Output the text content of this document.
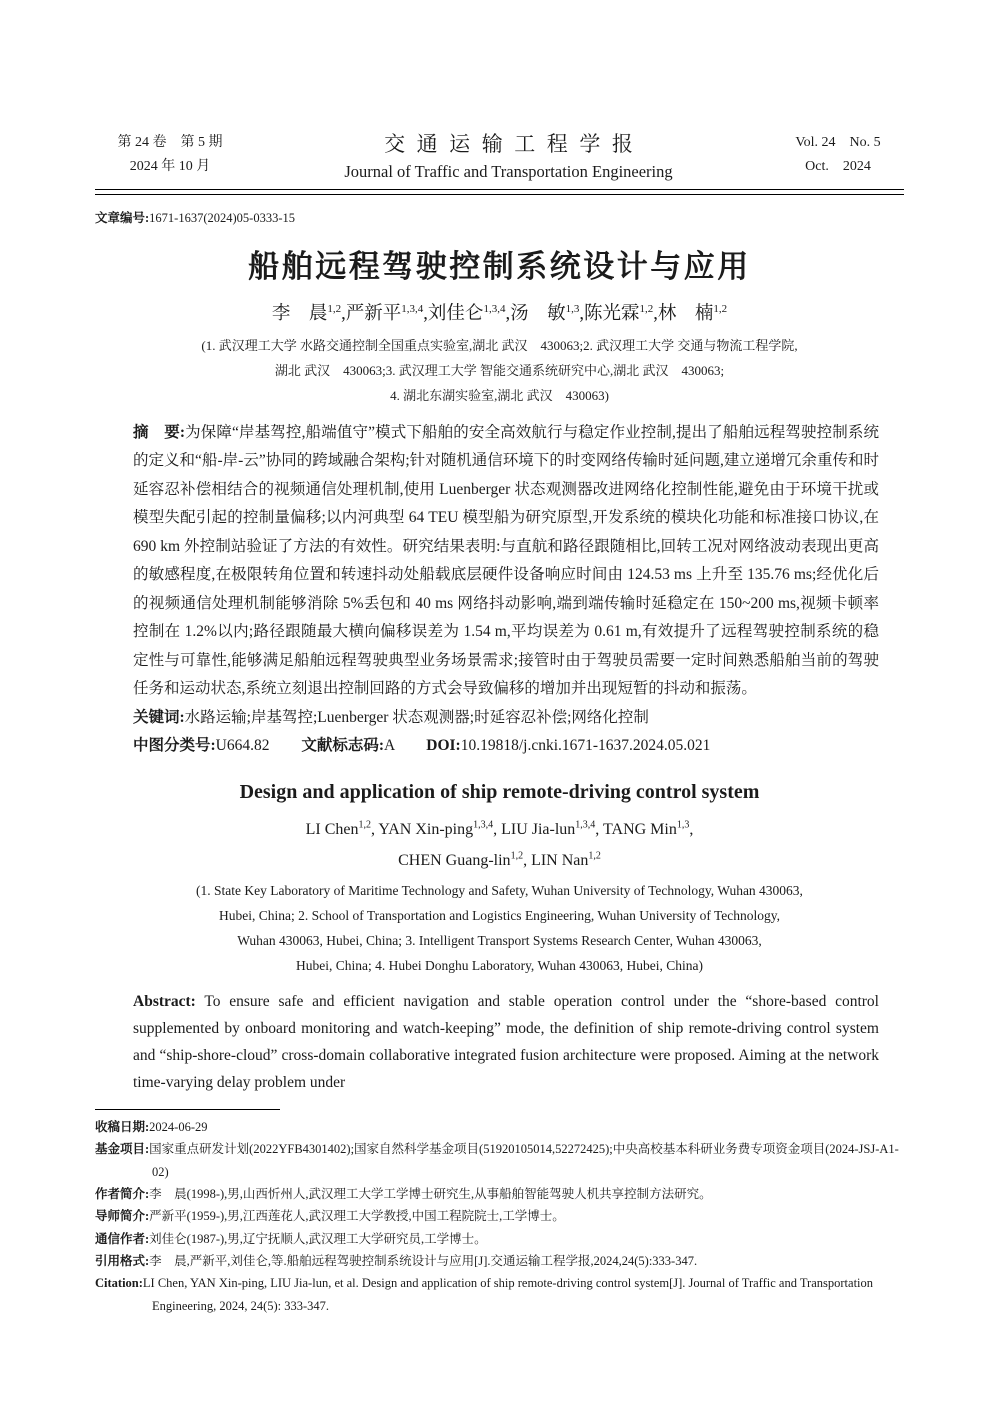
第 24 卷　第 5 期
2024 年 10 月
交通运输工程学报
Journal of Traffic and Transportation Engineering
Vol. 24　No. 5
Oct.　2024
文章编号:1671-1637(2024)05-0333-15
船舶远程驾驶控制系统设计与应用
李　晨$^{1,2}$,严新平$^{1,3,4}$,刘佳仑$^{1,3,4}$,汤　敏$^{1,3}$,陈光霖$^{1,2}$,林　楠$^{1,2}$
(1. 武汉理工大学 水路交通控制全国重点实验室,湖北 武汉　430063;2. 武汉理工大学 交通与物流工程学院,
湖北 武汉　430063;3. 武汉理工大学 智能交通系统研究中心,湖北 武汉　430063;
4. 湖北东湖实验室,湖北 武汉　430063)
摘　要:为保障“岸基驾控,船端值守”模式下船舶的安全高效航行与稳定作业控制,提出了船舶远程驾驶控制系统的定义和“船-岸-云”协同的跨域融合架构;针对随机通信环境下的时变网络传输时延问题,建立递增冗余重传和时延容忍补偿相结合的视频通信处理机制,使用 Luenberger 状态观测器改进网络化控制性能,避免由于环境干扰或模型失配引起的控制量偏移;以内河典型 64 TEU 模型船为研究原型,开发系统的模块化功能和标准接口协议,在 690 km 外控制站验证了方法的有效性。研究结果表明:与直航和路径跟随相比,回转工况对网络波动表现出更高的敏感程度,在极限转角位置和转速抖动处船载底层硬件设备响应时间由 124.53 ms 上升至 135.76 ms;经优化后的视频通信处理机制能够消除 5%丢包和 40 ms 网络抖动影响,端到端传输时延稳定在 150~200 ms,视频卡顿率控制在 1.2%以内;路径跟随最大横向偏移误差为 1.54 m,平均误差为 0.61 m,有效提升了远程驾驶控制系统的稳定性与可靠性,能够满足船舶远程驾驶典型业务场景需求;接管时由于驾驶员需要一定时间熟悉船舶当前的驾驶任务和运动状态,系统立刻退出控制回路的方式会导致偏移的增加并出现短暂的抖动和振荡。
关键词:水路运输;岸基驾控;Luenberger 状态观测器;时延容忍补偿;网络化控制
中图分类号:U664.82 文献标志码:A DOI:10.19818/j.cnki.1671-1637.2024.05.021
Design and application of ship remote-driving control system
LI Chen$^{1,2}$, YAN Xin-ping$^{1,3,4}$, LIU Jia-lun$^{1,3,4}$, TANG Min$^{1,3}$,
CHEN Guang-lin$^{1,2}$, LIN Nan$^{1,2}$
(1. State Key Laboratory of Maritime Technology and Safety, Wuhan University of Technology, Wuhan 430063,
Hubei, China; 2. School of Transportation and Logistics Engineering, Wuhan University of Technology,
Wuhan 430063, Hubei, China; 3. Intelligent Transport Systems Research Center, Wuhan 430063,
Hubei, China; 4. Hubei Donghu Laboratory, Wuhan 430063, Hubei, China)
Abstract: To ensure safe and efficient navigation and stable operation control under the “shore-based control supplemented by onboard monitoring and watch-keeping” mode, the definition of ship remote-driving control system and “ship-shore-cloud” cross-domain collaborative integrated fusion architecture were proposed. Aiming at the network time-varying delay problem under
收稿日期:2024-06-29
基金项目:国家重点研发计划(2022YFB4301402);国家自然科学基金项目(51920105014,52272425);中央高校基本科研业务费专项资金项目(2024-JSJ-A1-02)
作者简介:李　晨(1998-),男,山西忻州人,武汉理工大学工学博士研究生,从事船舶智能驾驶人机共享控制方法研究。
导师简介:严新平(1959-),男,江西莲花人,武汉理工大学教授,中国工程院院士,工学博士。
通信作者:刘佳仑(1987-),男,辽宁抚顺人,武汉理工大学研究员,工学博士。
引用格式:李　晨,严新平,刘佳仑,等.船舶远程驾驶控制系统设计与应用[J].交通运输工程学报,2024,24(5):333-347.
Citation:LI Chen, YAN Xin-ping, LIU Jia-lun, et al. Design and application of ship remote-driving control system[J]. Journal of Traffic and Transportation Engineering, 2024, 24(5): 333-347.
